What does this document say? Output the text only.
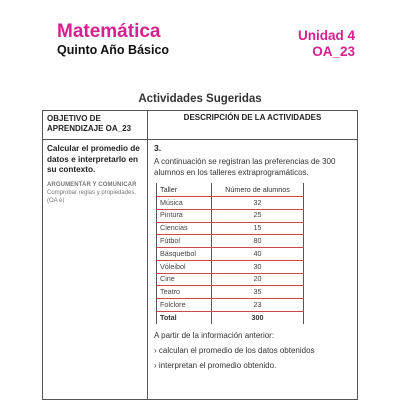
Matemática
Quinto Año Básico
Unidad 4
OA_23
Actividades Sugeridas
OBJETIVO DE APRENDIZAJE OA_23	DESCRIPCIÓN DE LA ACTIVIDADES

Calcular el promedio de datos e interpretarlo en su contexto.

ARGUMENTAR Y COMUNICAR
Comprobar reglas y propiedades. (OA e)

3.
A continuación se registran las preferencias de 300 alumnos en los talleres extraprogramáticos.
Taller	Número de alumnos
Música	32
Pintura	25
Ciencias	15
Fútbol	80
Básquetbol	40
Vóleibol	30
Cine	20
Teatro	35
Folclore	23
Total	300
A partir de la información anterior:
› calculan el promedio de los datos obtenidos
› interpretan el promedio obtenido.
